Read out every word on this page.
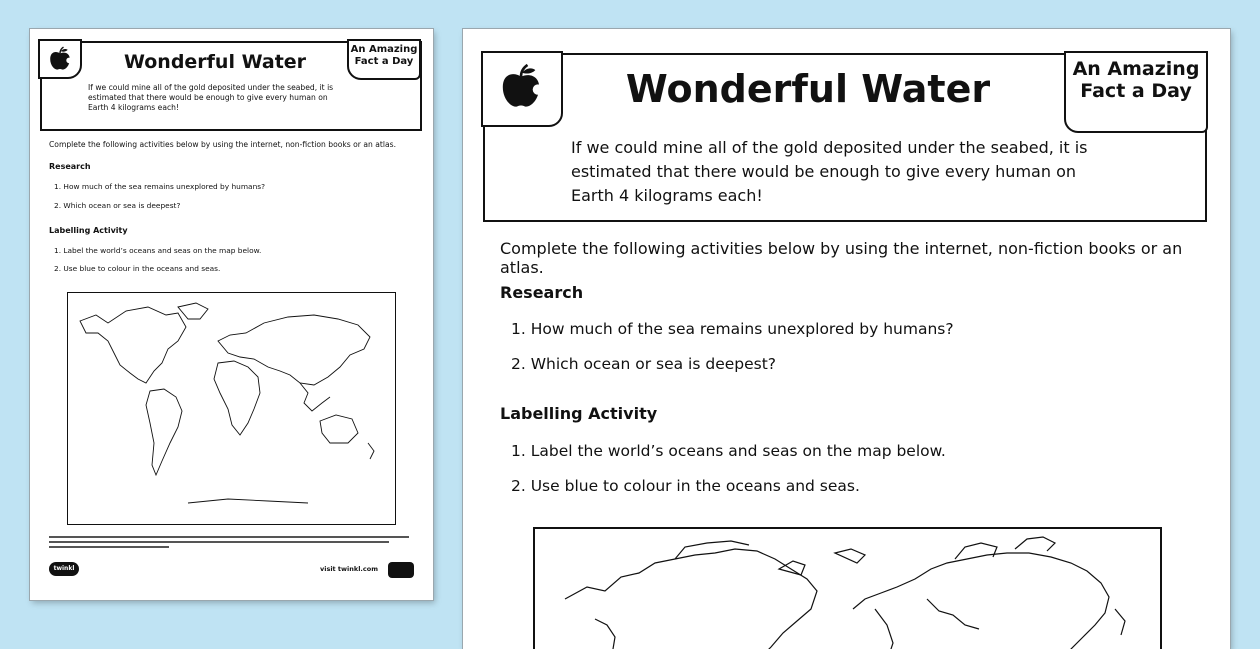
Wonderful Water
An Amazing
Fact a Day
If we could mine all of the gold deposited under the seabed, it is
estimated that there would be enough to give every human on
Earth 4 kilograms each!
Complete the following activities below by using the internet, non-fiction books or an atlas.
Research
1. How much of the sea remains unexplored by humans?
2. Which ocean or sea is deepest?
Labelling Activity
1. Label the world’s oceans and seas on the map below.
2. Use blue to colour in the oceans and seas.
twinkl	visit twinkl.com
Wonderful Water	An Amazing
Fact a Day
If we could mine all of the gold deposited under the seabed, it is
estimated that there would be enough to give every human on
Earth 4 kilograms each!
Complete the following activities below by using the internet, non-fiction books or an atlas.
Research
1. How much of the sea remains unexplored by humans?
2. Which ocean or sea is deepest?
Labelling Activity
1. Label the world’s oceans and seas on the map below.
2. Use blue to colour in the oceans and seas.
